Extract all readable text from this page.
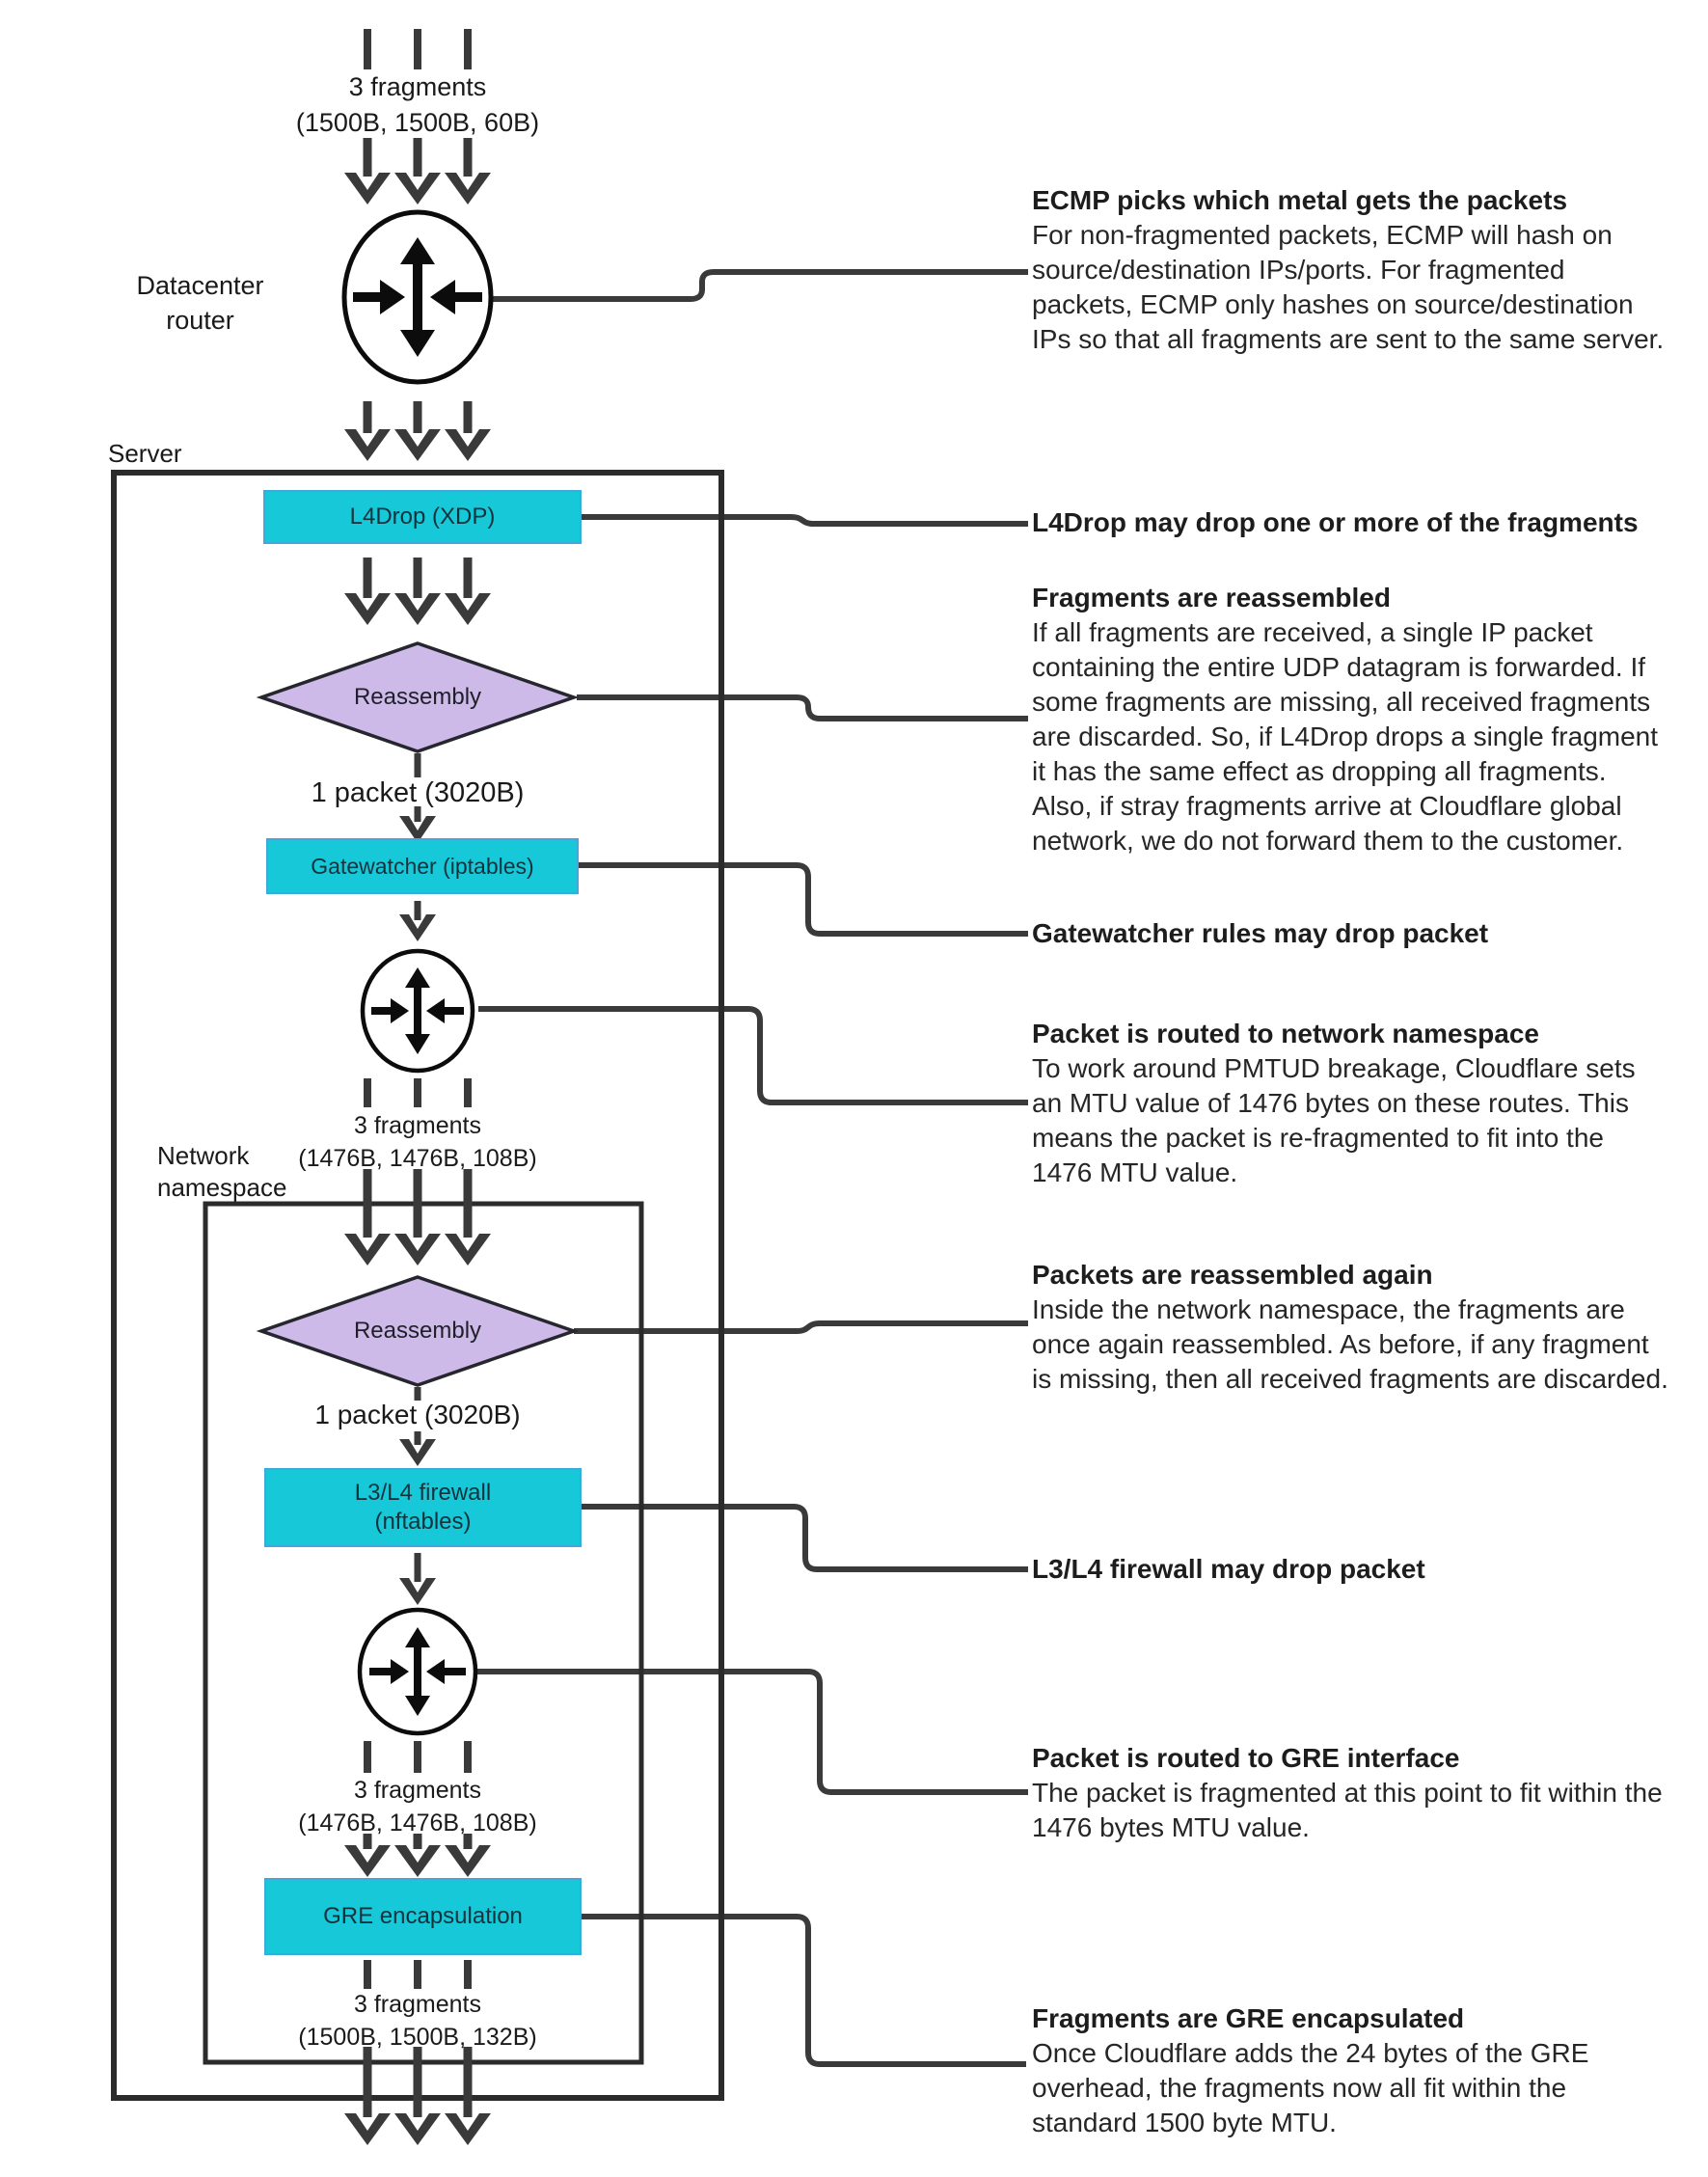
Datacenter router
Server
Network namespace
3 fragments
(1500B, 1500B, 60B)
1 packet (3020B)
3 fragments
(1476B, 1476B, 108B)
1 packet (3020B)
3 fragments
(1476B, 1476B, 108B)
3 fragments
(1500B, 1500B, 132B)
L4Drop (XDP)
Reassembly
Gatewatcher (iptables)
Reassembly
L3/L4 firewall
(nftables)
GRE encapsulation
ECMP picks which metal gets the packets
For non-fragmented packets, ECMP will hash on source/destination IPs/ports. For fragmented packets, ECMP only hashes on source/destination IPs so that all fragments are sent to the same server.
L4Drop may drop one or more of the fragments
Fragments are reassembled
If all fragments are received, a single IP packet containing the entire UDP datagram is forwarded. If some fragments are missing, all received fragments are discarded. So, if L4Drop drops a single fragment it has the same effect as dropping all fragments. Also, if stray fragments arrive at Cloudflare global network, we do not forward them to the customer.
Gatewatcher rules may drop packet
Packet is routed to network namespace
To work around PMTUD breakage, Cloudflare sets an MTU value of 1476 bytes on these routes. This means the packet is re-fragmented to fit into the 1476 MTU value.
Packets are reassembled again
Inside the network namespace, the fragments are once again reassembled. As before, if any fragment is missing, then all received fragments are discarded.
L3/L4 firewall may drop packet
Packet is routed to GRE interface
The packet is fragmented at this point to fit within the 1476 bytes MTU value.
Fragments are GRE encapsulated
Once Cloudflare adds the 24 bytes of the GRE overhead, the fragments now all fit within the standard 1500 byte MTU.
